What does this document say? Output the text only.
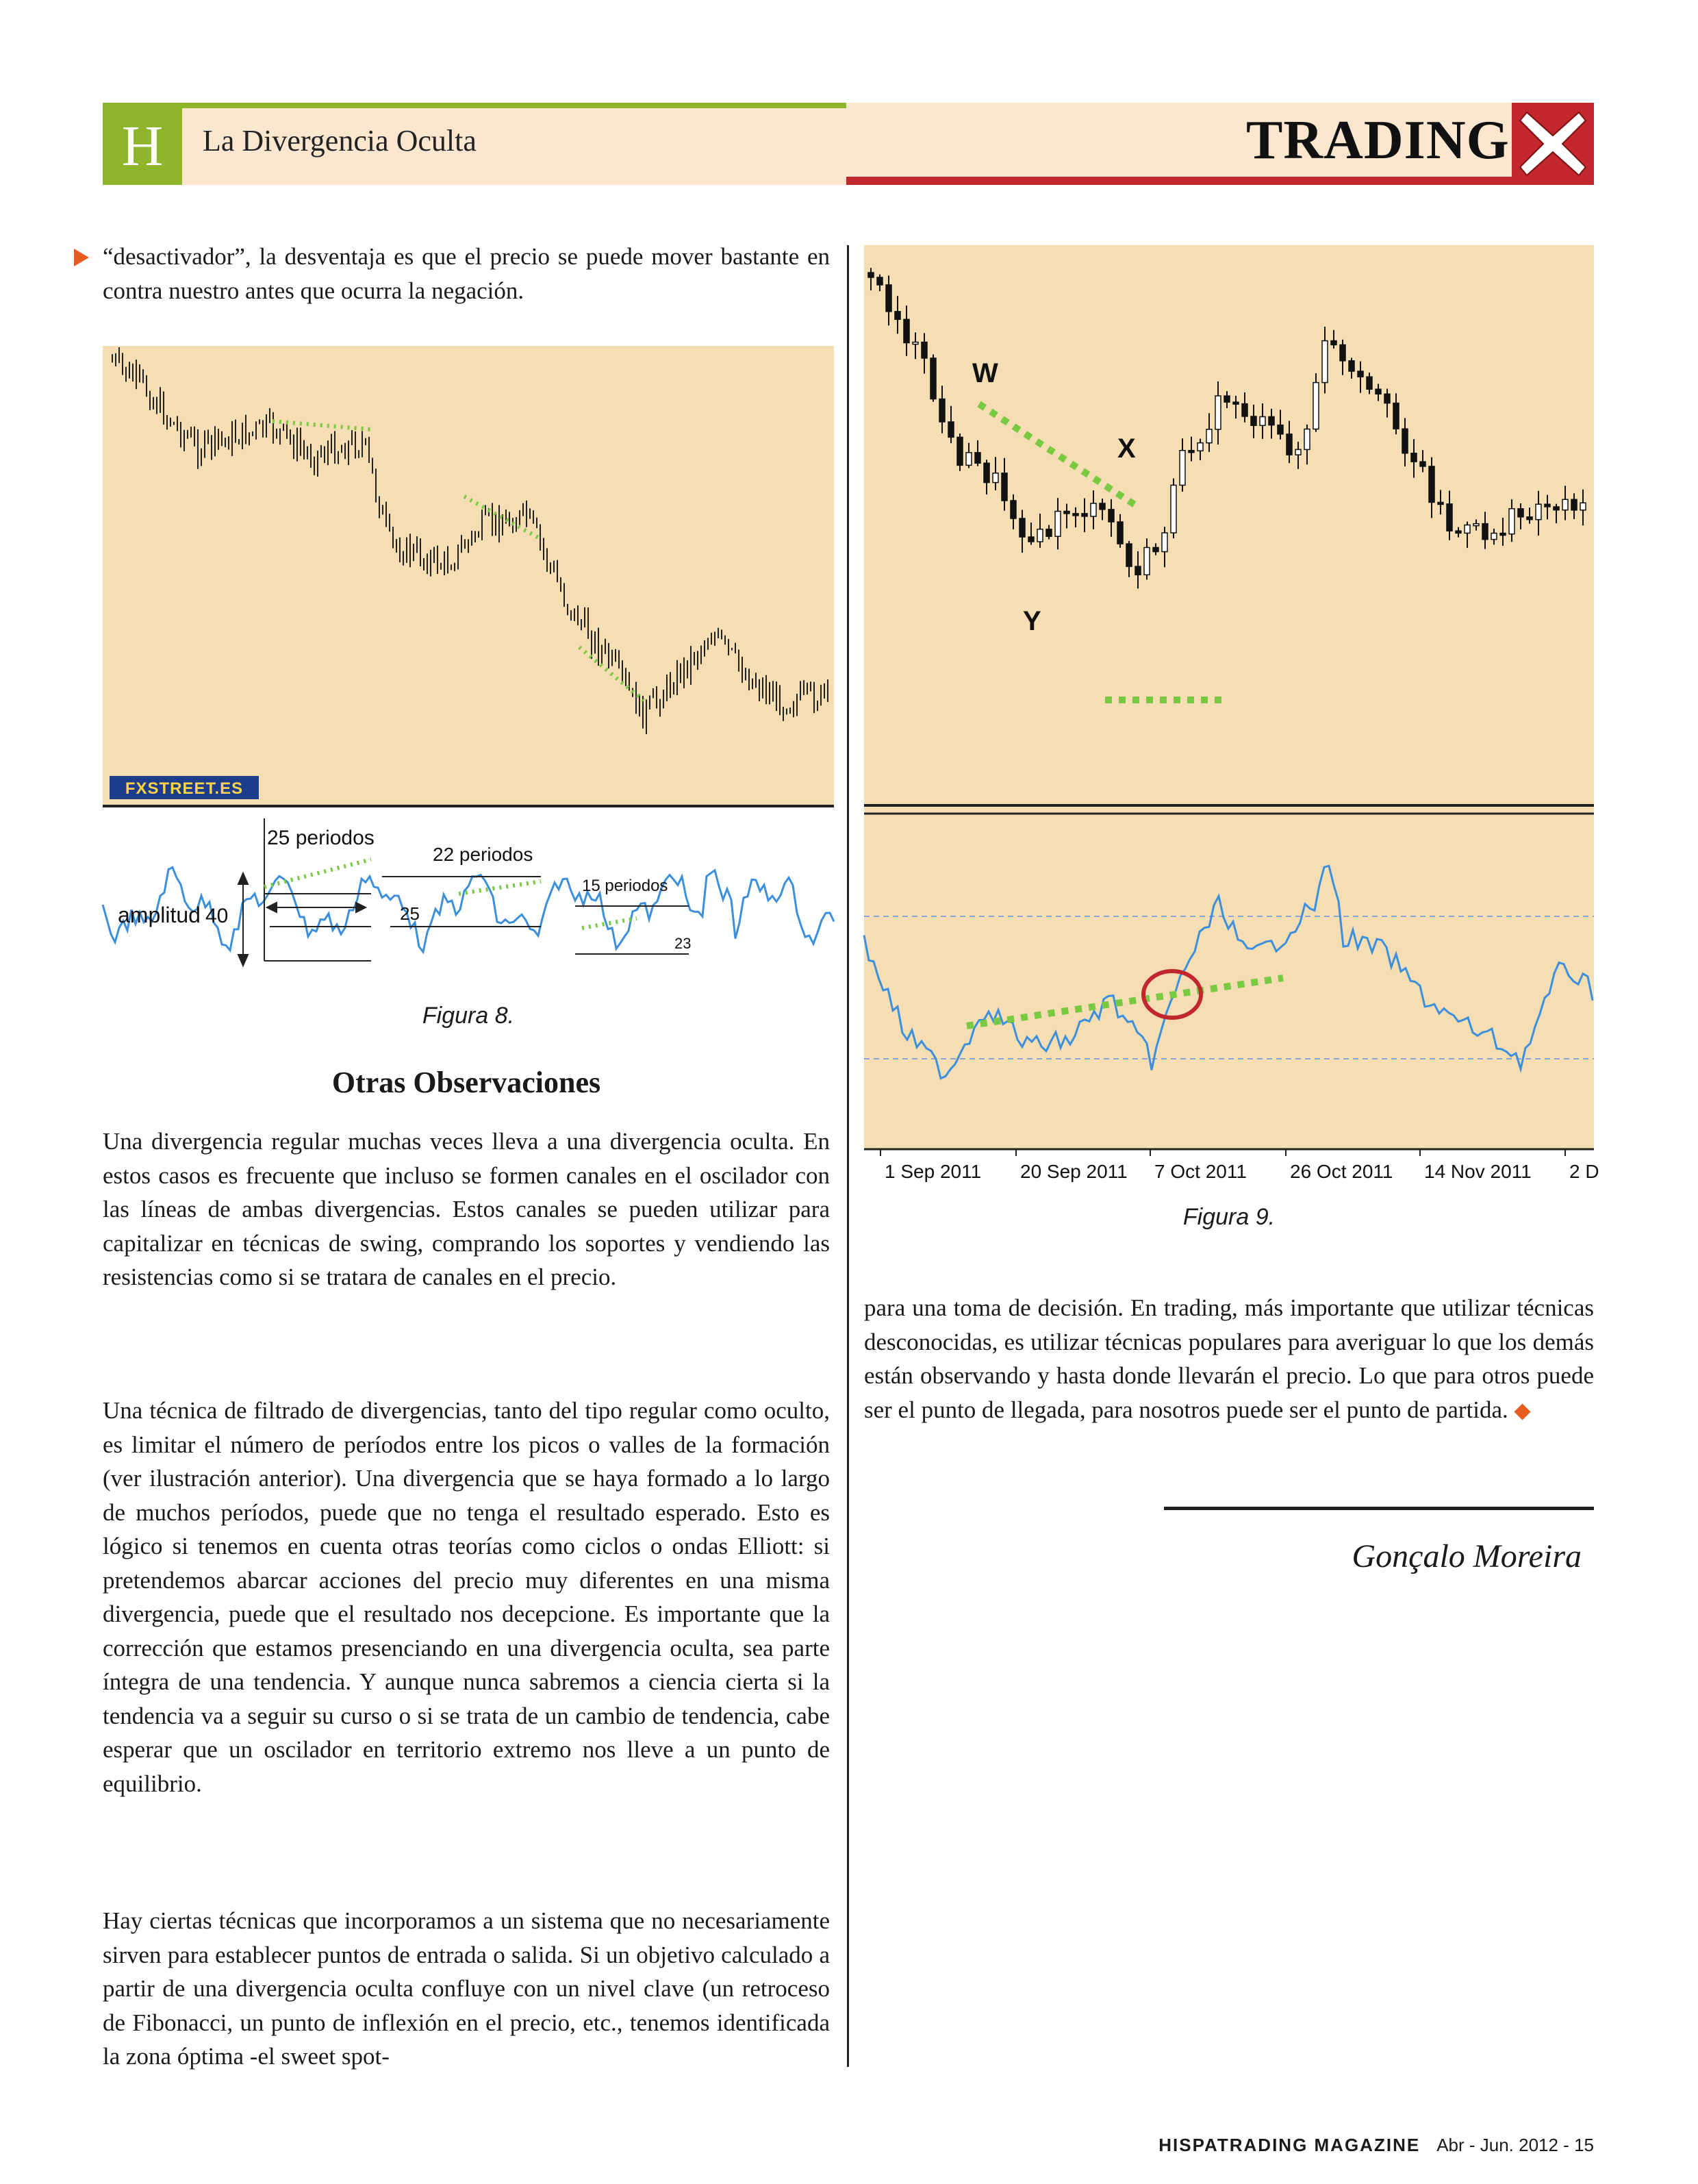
H	La Divergencia Oculta	TRADING
“desactivador”, la desventaja es que el precio se puede mover bastante en contra nuestro antes que ocurra la negación.
FXSTREET.ES
25 periodos
22 periodos
15 periodos
amplitud 40	25
23
Figura 8.
Otras Observaciones
Una divergencia regular muchas veces lleva a una divergencia oculta. En estos casos es frecuente que incluso se formen canales en el oscilador con las líneas de ambas divergencias. Estos canales se pueden utilizar para capitalizar en técnicas de swing, comprando los soportes y vendiendo las resistencias como si se tratara de canales en el precio.
Una técnica de filtrado de divergencias, tanto del tipo regular como oculto, es limitar el número de períodos entre los picos o valles de la formación (ver ilustración anterior). Una divergencia que se haya formado a lo largo de muchos períodos, puede que no tenga el resultado esperado. Esto es lógico si tenemos en cuenta otras teorías como ciclos o ondas Elliott: si pretendemos abarcar acciones del precio muy diferentes en una misma divergencia, puede que el resultado nos decepcione. Es importante que la corrección que estamos presenciando en una divergencia oculta, sea parte íntegra de una tendencia. Y aunque nunca sabremos a ciencia cierta si la tendencia va a seguir su curso o si se trata de un cambio de tendencia, cabe esperar que un oscilador en territorio extremo nos lleve a un punto de equilibrio.
Hay ciertas técnicas que incorporamos a un sistema que no necesariamente sirven para establecer puntos de entrada o salida. Si un objetivo calculado a partir de una divergencia oculta confluye con un nivel clave (un retroceso de Fibonacci, un punto de inflexión en el precio, etc., tenemos identificada la zona óptima -el sweet spot-
W
X
Y
1 Sep 2011 20 Sep 2011 7 Oct 2011 26 Oct 2011 14 Nov 2011 2 D
Figura 9.
para una toma de decisión. En trading, más importante que utilizar técnicas desconocidas, es utilizar técnicas populares para averiguar lo que los demás están observando y hasta donde llevarán el precio. Lo que para otros puede ser el punto de llegada, para nosotros puede ser el punto de partida.
Gonçalo Moreira
HISPATRADING MAGAZINE Abr - Jun. 2012 - 15
